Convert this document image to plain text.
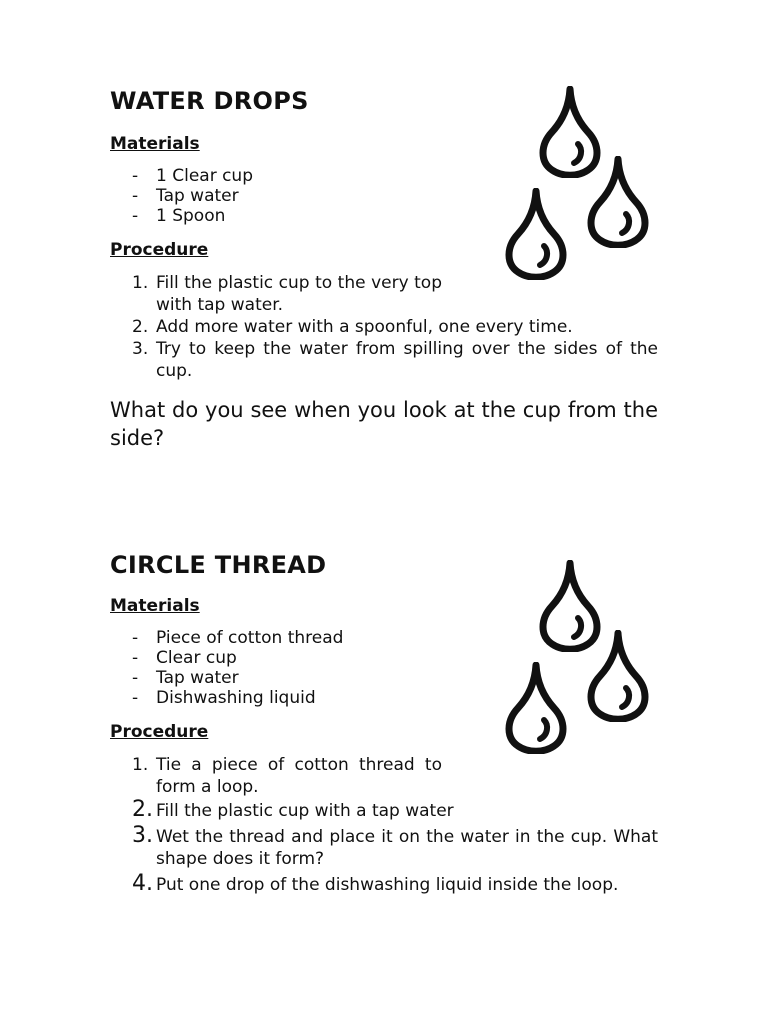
WATER DROPS
Materials
- 1 Clear cup
- Tap water
- 1 Spoon
Procedure
1. Fill the plastic cup to the very top with tap water.
2. Add more water with a spoonful, one every time.
3. Try to keep the water from spilling over the sides of the cup.

What do you see when you look at the cup from the side?

CIRCLE THREAD
Materials
- Piece of cotton thread
- Clear cup
- Tap water
- Dishwashing liquid
Procedure
1. Tie a piece of cotton thread to form a loop.
2. Fill the plastic cup with a tap water
3. Wet the thread and place it on the water in the cup. What shape does it form?
4. Put one drop of the dishwashing liquid inside the loop.
